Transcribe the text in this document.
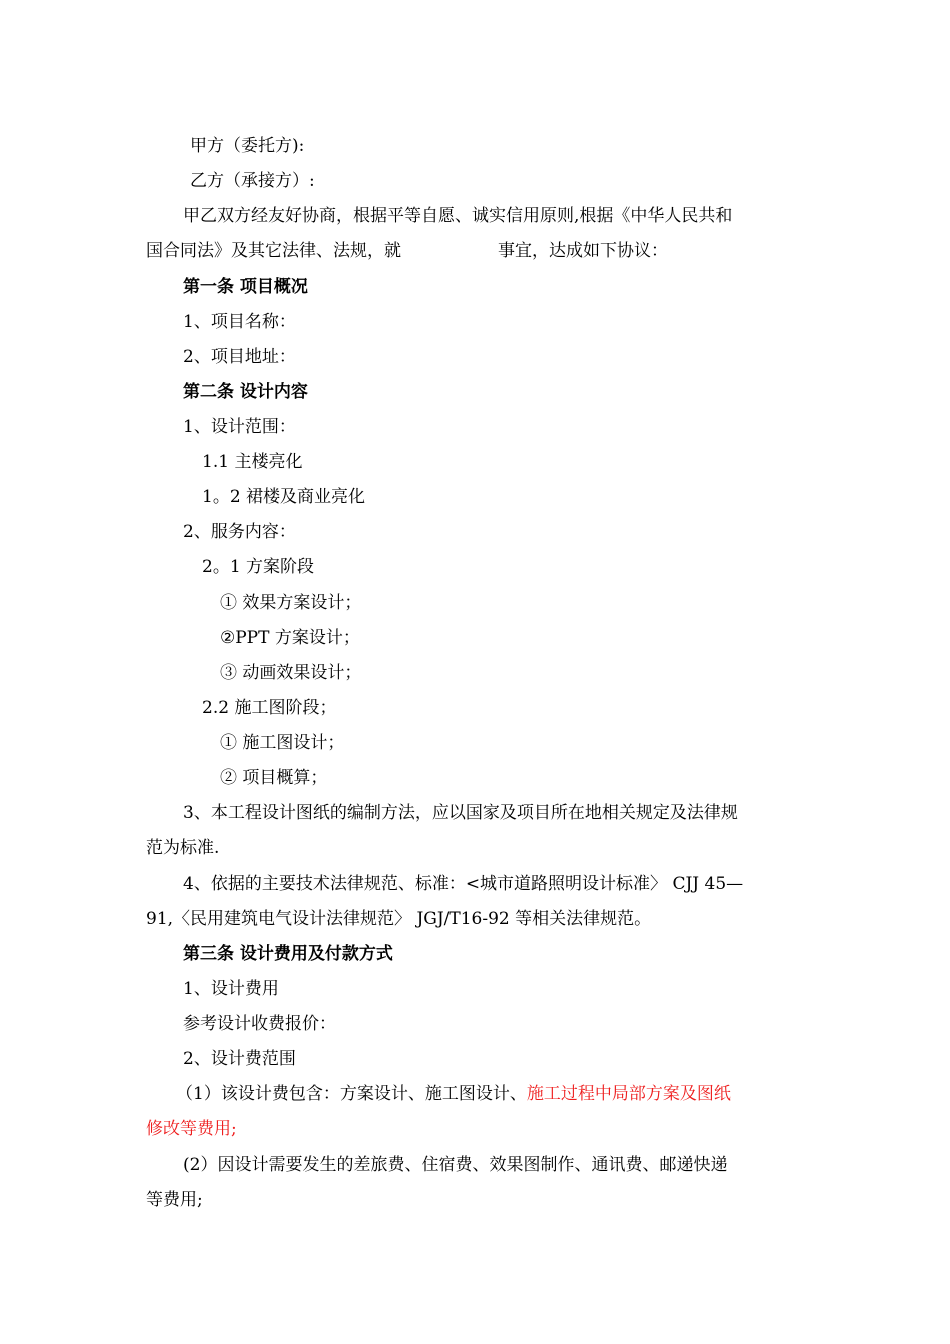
甲方（委托方):
乙方（承接方）:
甲乙双方经友好协商，根据平等自愿、诚实信用原则,根据《中华人民共和
国合同法》及其它法律、法规，就	事宜，达成如下协议：
第一条 项目概况
1、项目名称：
2、项目地址：
第二条 设计内容
1、设计范围：
1.1 主楼亮化
1。2 裙楼及商业亮化
2、服务内容：
2。1 方案阶段
① 效果方案设计；
②PPT 方案设计；
③ 动画效果设计；
2.2 施工图阶段；
① 施工图设计；
② 项目概算；
3、本工程设计图纸的编制方法，应以国家及项目所在地相关规定及法律规
范为标准.
4、依据的主要技术法律规范、标准：<城市道路照明设计标准〉 CJJ 45—
91,〈民用建筑电气设计法律规范〉 JGJ/T16-92 等相关法律规范。
第三条 设计费用及付款方式
1、设计费用
参考设计收费报价：
2、设计费范围
（1）该设计费包含：方案设计、施工图设计、施工过程中局部方案及图纸
修改等费用;
(2）因设计需要发生的差旅费、住宿费、效果图制作、通讯费、邮递快递
等费用;
